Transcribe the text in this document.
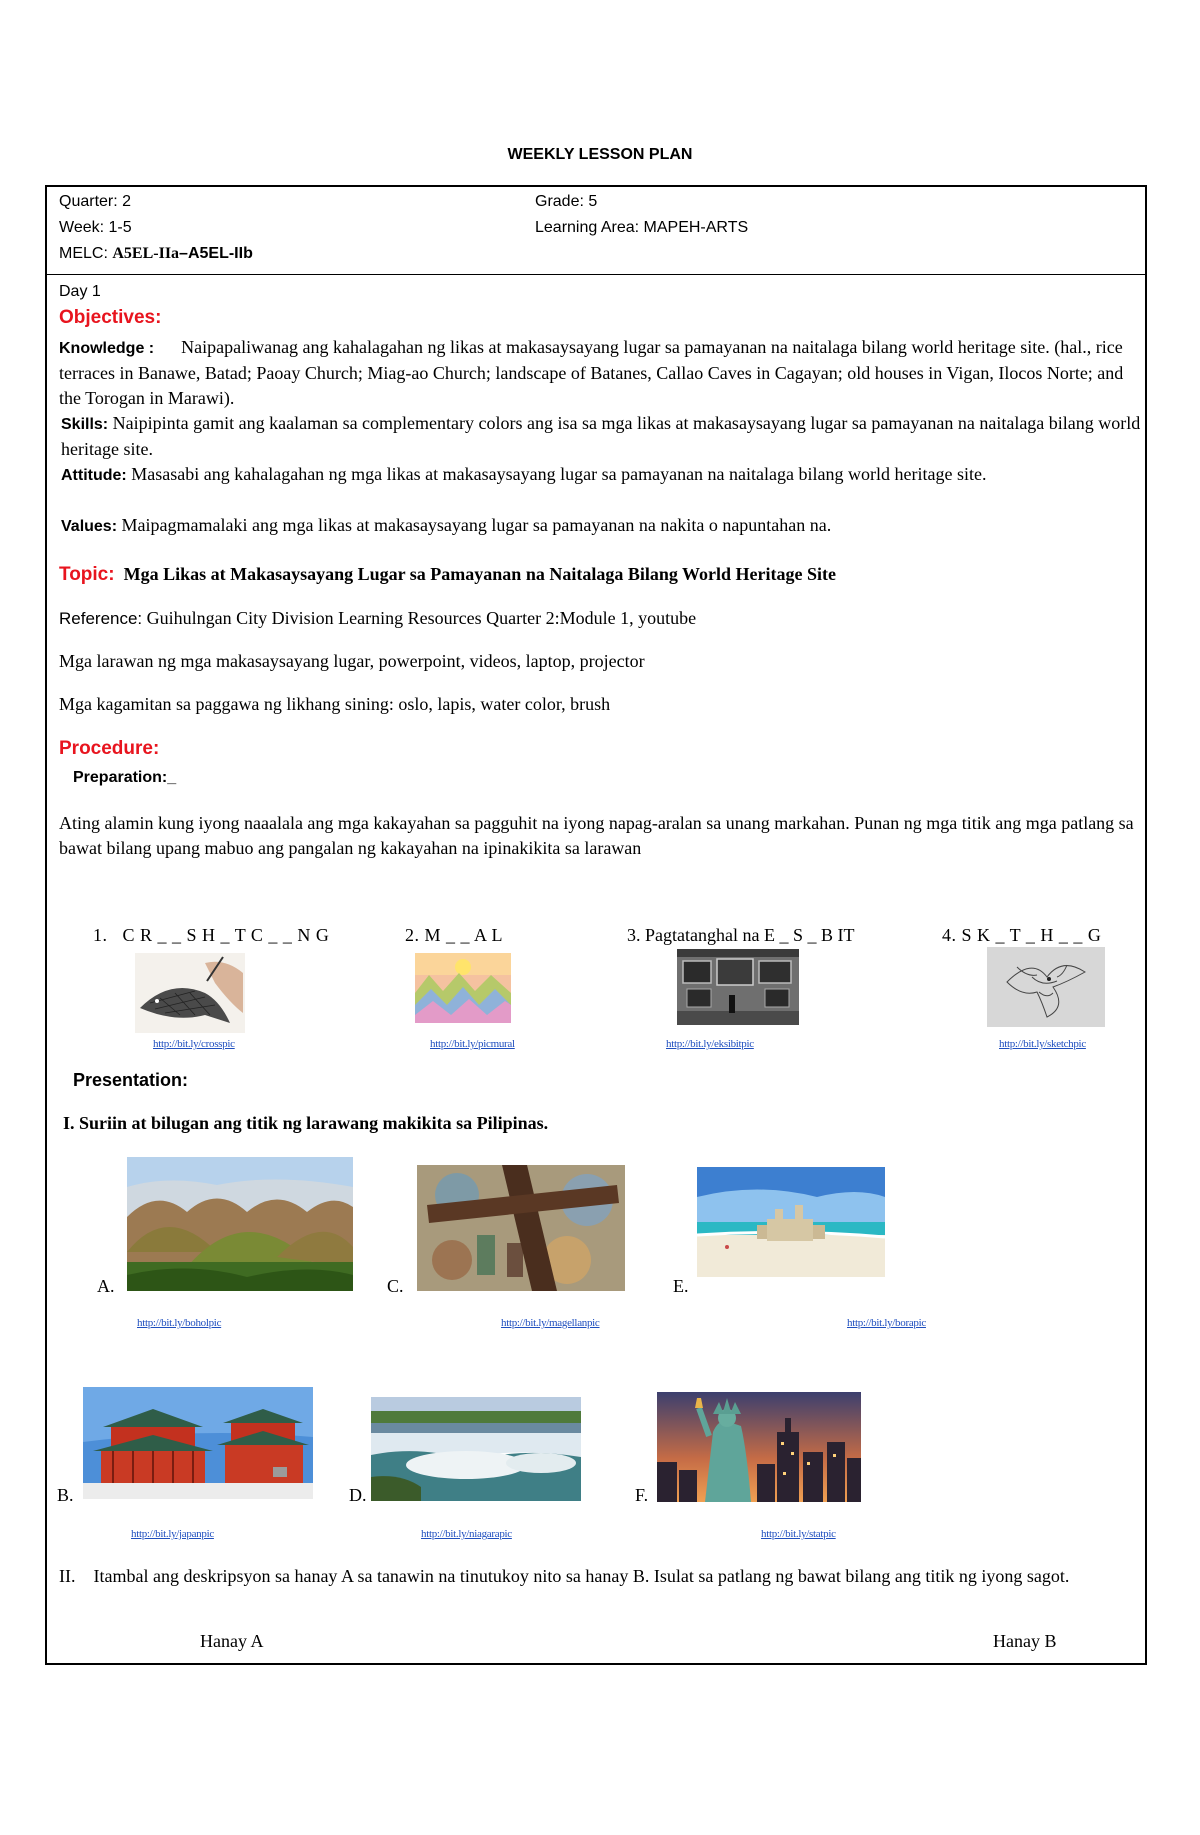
WEEKLY LESSON PLAN
Quarter: 2	Grade: 5
Week: 1-5	Learning Area: MAPEH-ARTS
MELC: A5EL-IIa–A5EL-IIb
Day 1
Objectives:
Knowledge : Naipapaliwanag ang kahalagahan ng likas at makasaysayang lugar sa pamayanan na naitalaga bilang world heritage site. (hal., rice terraces in Banawe, Batad; Paoay Church; Miag-ao Church; landscape of Batanes, Callao Caves in Cagayan; old houses in Vigan, Ilocos Norte; and the Torogan in Marawi).
Skills: Naipipinta gamit ang kaalaman sa complementary colors ang isa sa mga likas at makasaysayang lugar sa pamayanan na naitalaga bilang world heritage site.
Attitude: Masasabi ang kahalagahan ng mga likas at makasaysayang lugar sa pamayanan na naitalaga bilang world heritage site.
Values: Maipagmamalaki ang mga likas at makasaysayang lugar sa pamayanan na nakita o napuntahan na.
Topic: Mga Likas at Makasaysayang Lugar sa Pamayanan na Naitalaga Bilang World Heritage Site
Reference: Guihulngan City Division Learning Resources Quarter 2:Module 1, youtube
Mga larawan ng mga makasaysayang lugar, powerpoint, videos, laptop, projector
Mga kagamitan sa paggawa ng likhang sining: oslo, lapis, water color, brush
Procedure:
Preparation:_
Ating alamin kung iyong naaalala ang mga kakayahan sa pagguhit na iyong napag-aralan sa unang markahan. Punan ng mga titik ang mga patlang sa bawat bilang upang mabuo ang pangalan ng kakayahan na ipinakikita sa larawan
1. C R _ _ S H _ T C _ _ N G	2. M _ _ A L	3. Pagtatanghal na E _ S _ B IT	4. S K _ T _ H _ _ G
http://bit.ly/crosspic	http://bit.ly/picmural	http://bit.ly/eksibitpic	http://bit.ly/sketchpic
Presentation:
I. Suriin at bilugan ang titik ng larawang makikita sa Pilipinas.
A.	C.	E.
http://bit.ly/boholpic	http://bit.ly/magellanpic	http://bit.ly/borapic
B.	D.	F.
http://bit.ly/japanpic	http://bit.ly/niagarapic	http://bit.ly/statpic
II. Itambal ang deskripsyon sa hanay A sa tanawin na tinutukoy nito sa hanay B. Isulat sa patlang ng bawat bilang ang titik ng iyong sagot.
Hanay A	Hanay B
